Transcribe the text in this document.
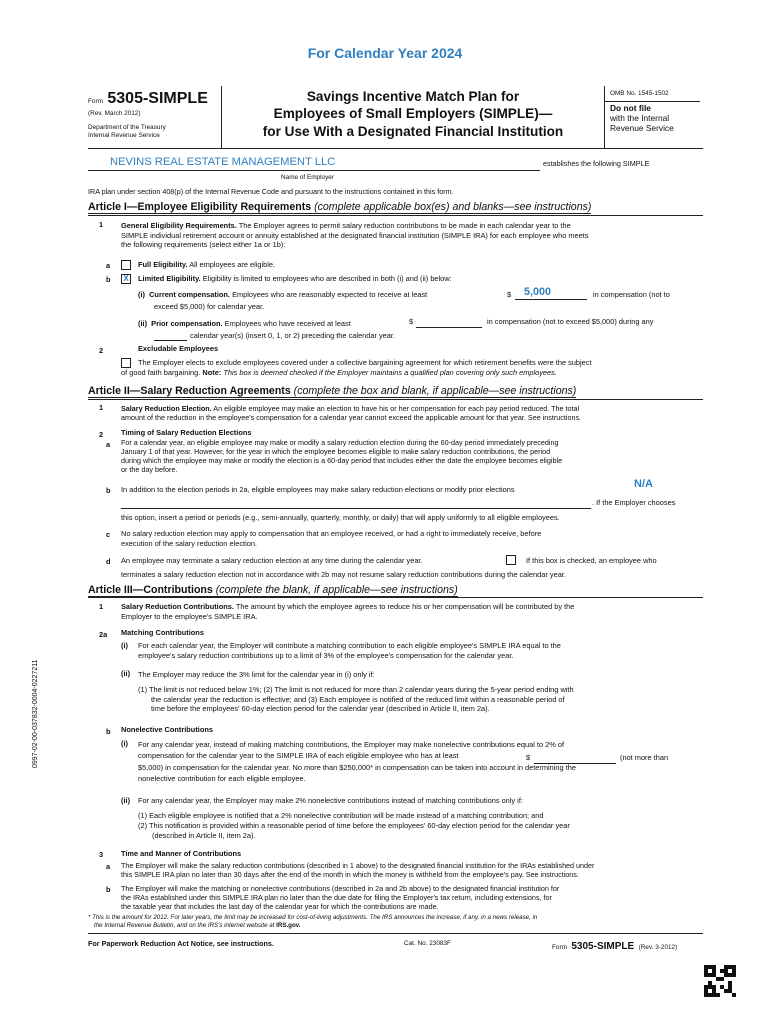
For Calendar Year 2024
Form 5305-SIMPLE
(Rev. March 2012)
Department of the Treasury
Internal Revenue Service
Savings Incentive Match Plan for
Employees of Small Employers (SIMPLE)—
for Use With a Designated Financial Institution
OMB No. 1545-1502
Do not file
with the Internal
Revenue Service
NEVINS REAL ESTATE MANAGEMENT LLC	establishes the following SIMPLE
Name of Employer
IRA plan under section 408(p) of the Internal Revenue Code and pursuant to the instructions contained in this form.
Article I—Employee Eligibility Requirements (complete applicable box(es) and blanks—see instructions)
1 General Eligibility Requirements. The Employer agrees to permit salary reduction contributions to be made in each calendar year to the
SIMPLE individual retirement account or annuity established at the designated financial institution (SIMPLE IRA) for each employee who meets
the following requirements (select either 1a or 1b):
a	Full Eligibility. All employees are eligible.
b X	Limited Eligibility. Eligibility is limited to employees who are described in both (i) and (ii) below:
(i) Current compensation. Employees who are reasonably expected to receive at least	$ 5,000	in compensation (not to
exceed $5,000) for calendar year.
(ii) Prior compensation. Employees who have received at least	$	in compensation (not to exceed $5,000) during any
calendar year(s) (insert 0, 1, or 2) preceding the calendar year.
2	Excludable Employees
The Employer elects to exclude employees covered under a collective bargaining agreement for which retirement benefits were the subject
of good faith bargaining. Note: This box is deemed checked if the Employer maintains a qualified plan covering only such employees.
Article II—Salary Reduction Agreements (complete the box and blank, if applicable—see instructions)
1 Salary Reduction Election. An eligible employee may make an election to have his or her compensation for each pay period reduced. The total
amount of the reduction in the employee's compensation for a calendar year cannot exceed the applicable amount for that year. See instructions.
2 Timing of Salary Reduction Elections
a For a calendar year, an eligible employee may make or modify a salary reduction election during the 60-day period immediately preceding
January 1 of that year. However, for the year in which the employee becomes eligible to make salary reduction contributions, the period
during which the employee may make or modify the election is a 60-day period that includes either the date the employee becomes eligible
or the day before.
b In addition to the election periods in 2a, eligible employees may make salary reduction elections or modify prior elections	N/A
. If the Employer chooses
this option, insert a period or periods (e.g., semi-annually, quarterly, monthly, or daily) that will apply uniformly to all eligible employees.
c No salary reduction election may apply to compensation that an employee received, or had a right to immediately receive, before
execution of the salary reduction election.
d An employee may terminate a salary reduction election at any time during the calendar year.	If this box is checked, an employee who
terminates a salary reduction election not in accordance with 2b may not resume salary reduction contributions during the calendar year.
Article III—Contributions (complete the blank, if applicable—see instructions)
1 Salary Reduction Contributions. The amount by which the employee agrees to reduce his or her compensation will be contributed by the
Employer to the employee's SIMPLE IRA.
2a Matching Contributions
(i) For each calendar year, the Employer will contribute a matching contribution to each eligible employee's SIMPLE IRA equal to the
employee's salary reduction contributions up to a limit of 3% of the employee's compensation for the calendar year.
(ii) The Employer may reduce the 3% limit for the calendar year in (i) only if:
(1) The limit is not reduced below 1%; (2) The limit is not reduced for more than 2 calendar years during the 5-year period ending with
the calendar year the reduction is effective; and (3) Each employee is notified of the reduced limit within a reasonable period of
time before the employees' 60-day election period for the calendar year (described in Article II, item 2a).
b Nonelective Contributions
(i) For any calendar year, instead of making matching contributions, the Employer may make nonelective contributions equal to 2% of
compensation for the calendar year to the SIMPLE IRA of each eligible employee who has at least
$5,000) in compensation for the calendar year. No more than $250,000* in compensation can be taken into account in determining the
nonelective contribution for each eligible employee.
$	(not more than
(ii) For any calendar year, the Employer may make 2% nonelective contributions instead of matching contributions only if:
(1) Each eligible employee is notified that a 2% nonelective contribution will be made instead of a matching contribution; and
(2) This notification is provided within a reasonable period of time before the employees' 60-day election period for the calendar year
(described in Article II, item 2a).
3 Time and Manner of Contributions
a The Employer will make the salary reduction contributions (described in 1 above) to the designated financial institution for the IRAs established under
this SIMPLE IRA plan no later than 30 days after the end of the month in which the money is withheld from the employee's pay. See instructions.
b The Employer will make the matching or nonelective contributions (described in 2a and 2b above) to the designated financial institution for
the IRAs established under this SIMPLE IRA plan no later than the due date for filing the Employer's tax return, including extensions, for
the taxable year that includes the last day of the calendar year for which the contributions are made.
* This is the amount for 2012. For later years, the limit may be increased for cost-of-living adjustments. The IRS announces the increase, if any, in a news release, in
the Internal Revenue Bulletin, and on the IRS's internet website at IRS.gov.
For Paperwork Reduction Act Notice, see instructions.	Cat. No. 23083F
Form 5305-SIMPLE (Rev. 3-2012)
0997-02-00-037832-0004-0227211
